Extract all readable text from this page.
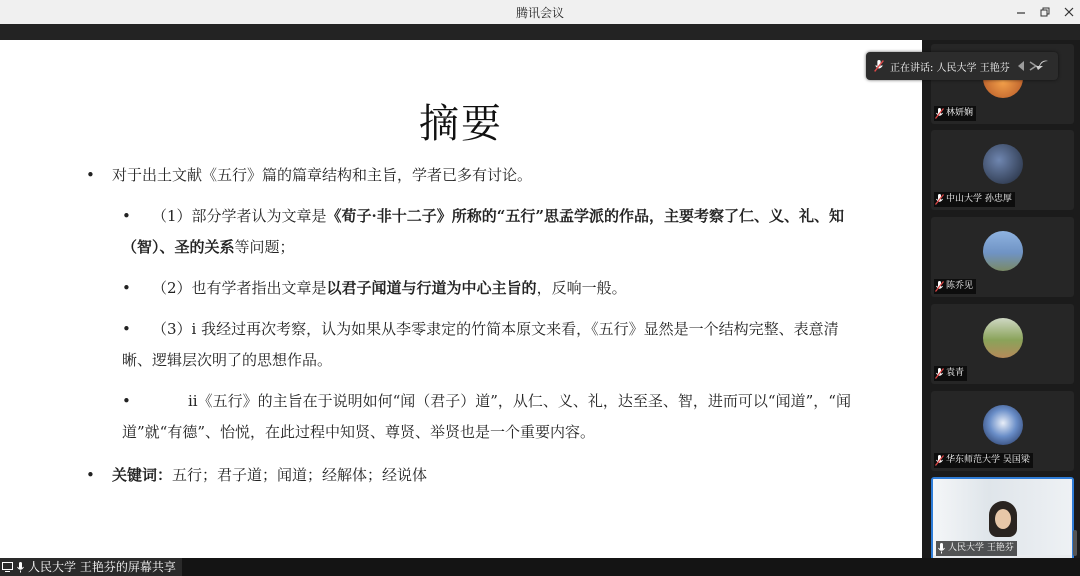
腾讯会议
摘要
• 对于出土文献《五行》篇的篇章结构和主旨，学者已多有讨论。
•	（1）部分学者认为文章是《荀子·非十二子》所称的“五行”思孟学派的作品，主要考察了仁、义、礼、知（智）、圣的关系等问题；
•	（2）也有学者指出文章是以君子闻道与行道为中心主旨的，反响一般。
•	（3）i 我经过再次考察，认为如果从李零隶定的竹简本原文来看，《五行》显然是一个结构完整、表意清晰、逻辑层次明了的思想作品。
•	ii《五行》的主旨在于说明如何“闻（君子）道”，从仁、义、礼，达至圣、智，进而可以“闻道”，“闻道”就“有德”、怡悦，在此过程中知贤、尊贤、举贤也是一个重要内容。
• 关键词：五行；君子道；闻道；经解体；经说体
林妍娴
中山大学 孙忠厚
陈乔见
袁青
华东师范大学 吴国梁
人民大学 王艳芬
正在讲话: 人民大学 王艳芬
人民大学 王艳芬的屏幕共享
